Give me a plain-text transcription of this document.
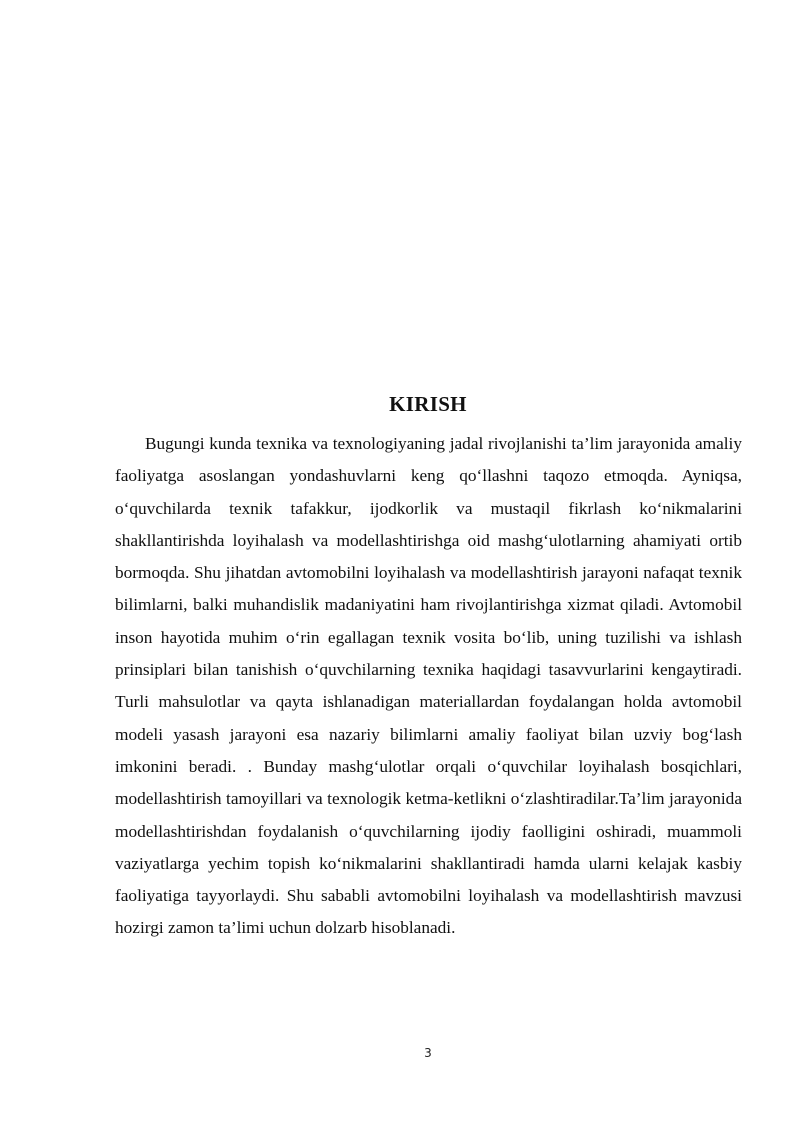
KIRISH

Bugungi kunda texnika va texnologiyaning jadal rivojlanishi ta’lim jarayonida amaliy faoliyatga asoslangan yondashuvlarni keng qo‘llashni taqozo etmoqda. Ayniqsa, o‘quvchilarda texnik tafakkur, ijodkorlik va mustaqil fikrlash ko‘nikmalarini shakllantirishda loyihalash va modellashtirishga oid mashg‘ulotlarning ahamiyati ortib bormoqda. Shu jihatdan avtomobilni loyihalash va modellashtirish jarayoni nafaqat texnik bilimlarni, balki muhandislik madaniyatini ham rivojlantirishga xizmat qiladi. Avtomobil inson hayotida muhim o‘rin egallagan texnik vosita bo‘lib, uning tuzilishi va ishlash prinsiplari bilan tanishish o‘quvchilarning texnika haqidagi tasavvurlarini kengaytiradi. Turli mahsulotlar va qayta ishlanadigan materiallardan foydalangan holda avtomobil modeli yasash jarayoni esa nazariy bilimlarni amaliy faoliyat bilan uzviy bog‘lash imkonini beradi. . Bunday mashg‘ulotlar orqali o‘quvchilar loyihalash bosqichlari, modellashtirish tamoyillari va texnologik ketma-ketlikni o‘zlashtiradilar.Ta’lim jarayonida modellashtirishdan foydalanish o‘quvchilarning ijodiy faolligini oshiradi, muammoli vaziyatlarga yechim topish ko‘nikmalarini shakllantiradi hamda ularni kelajak kasbiy faoliyatiga tayyorlaydi. Shu sababli avtomobilni loyihalash va modellashtirish mavzusi hozirgi zamon ta’limi uchun dolzarb hisoblanadi.

3
